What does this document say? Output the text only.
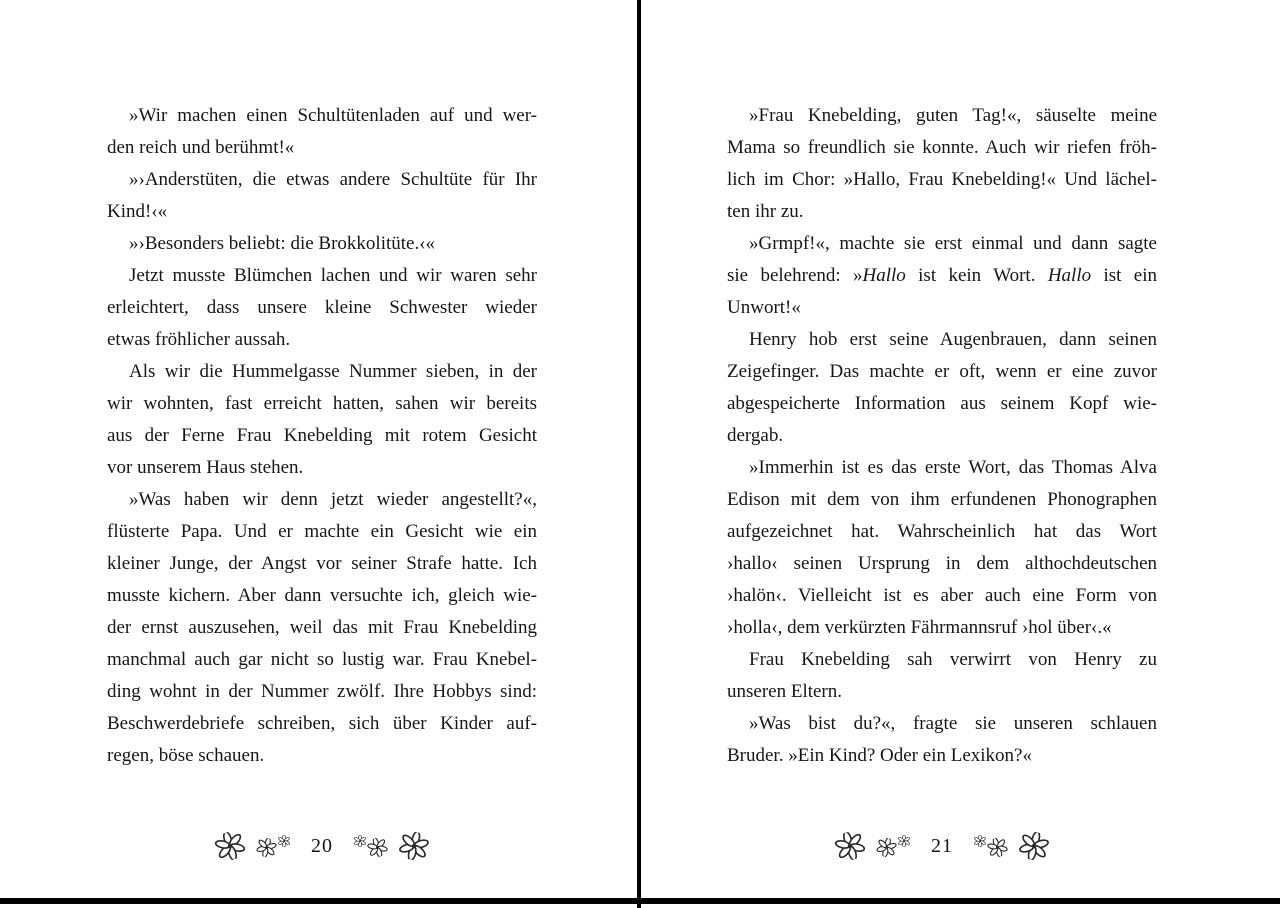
»Wir machen einen Schultütenladen auf und wer-
den reich und berühmt!«
»›Anderstüten, die etwas andere Schultüte für Ihr
Kind!‹«
»›Besonders beliebt: die Brokkolitüte.‹«
Jetzt musste Blümchen lachen und wir waren sehr
erleichtert, dass unsere kleine Schwester wieder
etwas fröhlicher aussah.
Als wir die Hummelgasse Nummer sieben, in der
wir wohnten, fast erreicht hatten, sahen wir bereits
aus der Ferne Frau Knebelding mit rotem Gesicht
vor unserem Haus stehen.
»Was haben wir denn jetzt wieder angestellt?«,
flüsterte Papa. Und er machte ein Gesicht wie ein
kleiner Junge, der Angst vor seiner Strafe hatte. Ich
musste kichern. Aber dann versuchte ich, gleich wie-
der ernst auszusehen, weil das mit Frau Knebelding
manchmal auch gar nicht so lustig war. Frau Knebel-
ding wohnt in der Nummer zwölf. Ihre Hobbys sind:
Beschwerdebriefe schreiben, sich über Kinder auf-
regen, böse schauen.
20
»Frau Knebelding, guten Tag!«, säuselte meine
Mama so freundlich sie konnte. Auch wir riefen fröh-
lich im Chor: »Hallo, Frau Knebelding!« Und lächel-
ten ihr zu.
»Grmpf!«, machte sie erst einmal und dann sagte
sie belehrend: »Hallo ist kein Wort. Hallo ist ein
Unwort!«
Henry hob erst seine Augenbrauen, dann seinen
Zeigefinger. Das machte er oft, wenn er eine zuvor
abgespeicherte Information aus seinem Kopf wie-
dergab.
»Immerhin ist es das erste Wort, das Thomas Alva
Edison mit dem von ihm erfundenen Phonographen
aufgezeichnet hat. Wahrscheinlich hat das Wort
›hallo‹ seinen Ursprung in dem althochdeutschen
›halön‹. Vielleicht ist es aber auch eine Form von
›holla‹, dem verkürzten Fährmannsruf ›hol über‹.«
Frau Knebelding sah verwirrt von Henry zu
unseren Eltern.
»Was bist du?«, fragte sie unseren schlauen
Bruder. »Ein Kind? Oder ein Lexikon?«
21
